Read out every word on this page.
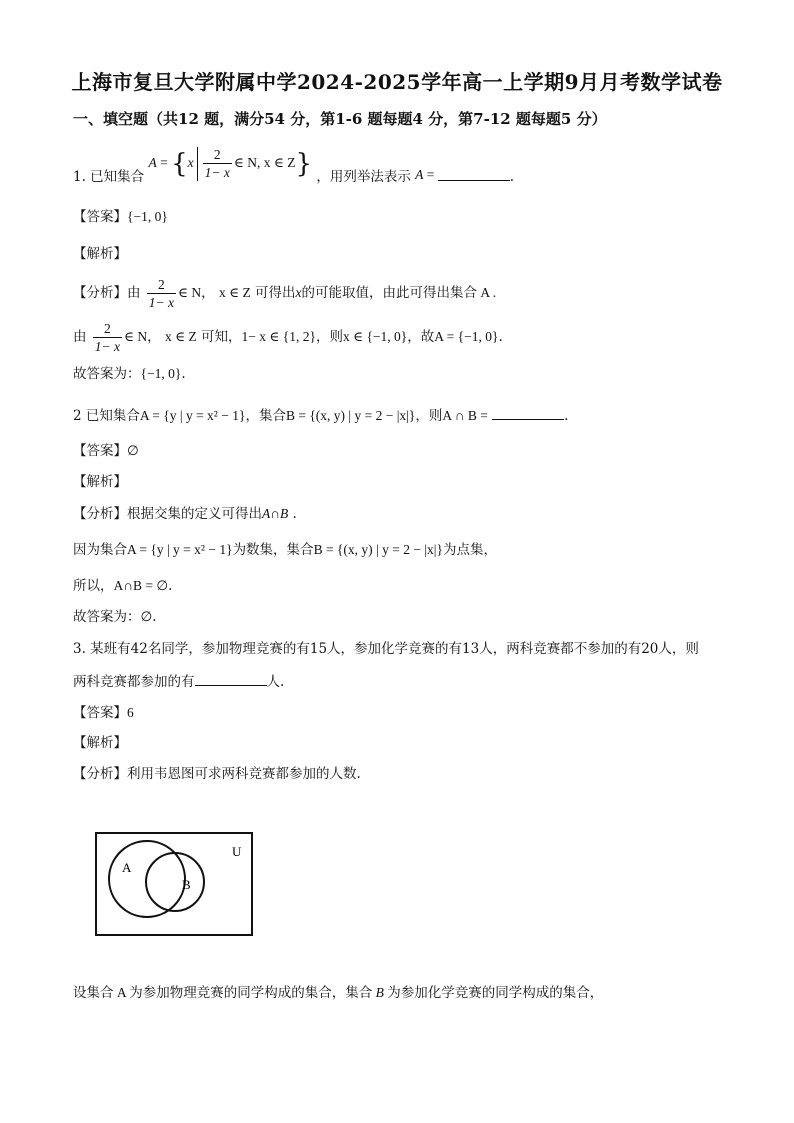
上海市复旦大学附属中学2024-2025学年高一上学期9月月考数学试卷
一、填空题（共12 题，满分54 分，第1-6 题每题4 分，第7-12 题每题5 分）
1. 已知集合 $A = \{x \frac{2}{1- x}$ ∈ N, x ∈ Z} ，用列举法表示 A =	.
【答案】{−1, 0}
【解析】
【分析】由 $\frac{2}{1- x}$ ∈ N， x ∈ Z 可得出x的可能取值，由此可得出集合 A .
由 $\frac{2}{1- x}$ ∈ N， x ∈ Z 可知，1− x ∈ {1, 2}，则x ∈ {−1, 0}，故A = {−1, 0}.
故答案为：{−1, 0}.
2 已知集合A = {y | y = x² − 1}，集合B = {(x, y) | y = 2 − |x|}，则A ∩ B =	.
【答案】∅
【解析】
【分析】根据交集的定义可得出A∩B .
因为集合A = {y | y = x² − 1}为数集，集合B = {(x, y) | y = 2 − |x|}为点集，
所以，A∩B = ∅.
故答案为：∅.
3. 某班有42名同学，参加物理竞赛的有15人，参加化学竞赛的有13人，两科竞赛都不参加的有20人，则
两科竞赛都参加的有	人.
【答案】6
【解析】
【分析】利用韦恩图可求两科竞赛都参加的人数.
A
B
U
设集合 A 为参加物理竞赛的同学构成的集合，集合 B 为参加化学竞赛的同学构成的集合，
